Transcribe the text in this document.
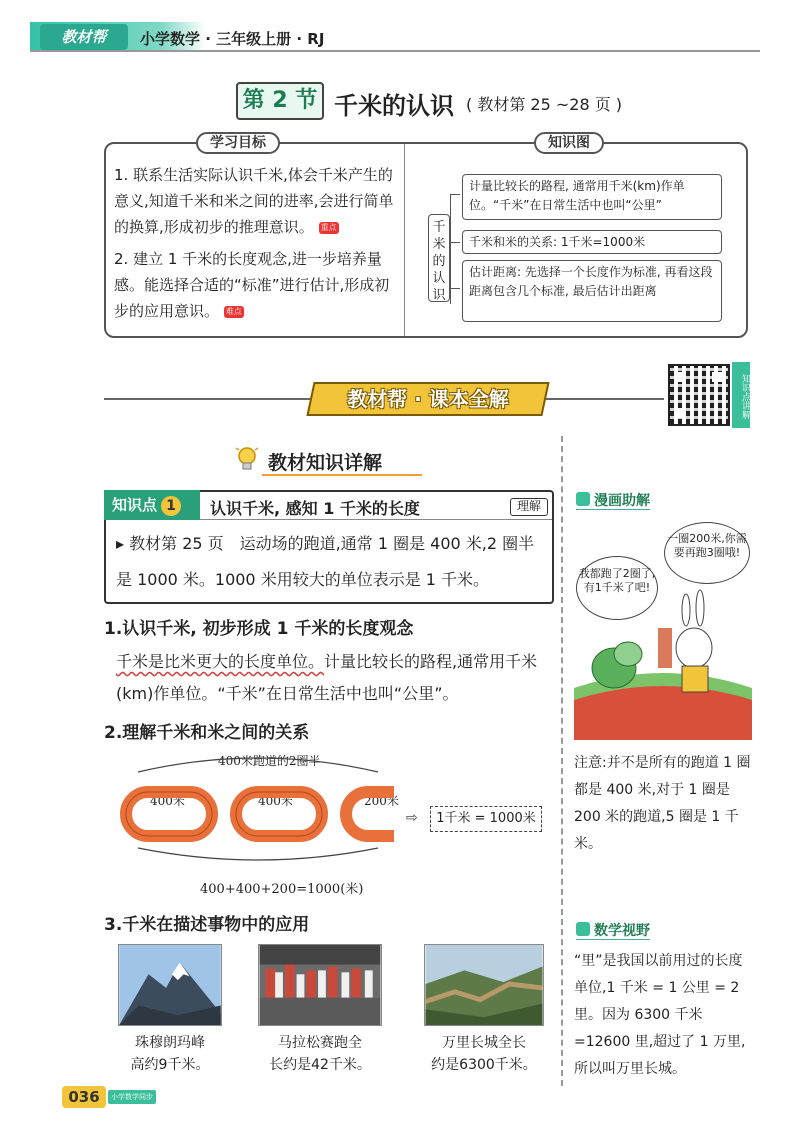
教材帮	小学数学 · 三年级上册 · RJ
第 2 节 千米的认识 ( 教材第 25 ~28 页 )
学习目标	知识图
1. 联系生活实际认识千米,体会千米产生的意义,知道千米和米之间的进率,会进行简单的换算,形成初步的推理意识。 重点
2. 建立 1 千米的长度观念,进一步培养量感。能选择合适的“标准”进行估计,形成初步的应用意识。 难点
千米的认识
计量比较长的路程, 通常用千米(km)作单位。“千米”在日常生活中也叫“公里”
千米和米的关系: 1千米=1000米
估计距离: 先选择一个长度作为标准, 再看这段距离包含几个标准, 最后估计出距离
教材帮 · 课本全解	知识点讲解
教材知识详解
知识点 1	认识千米, 感知 1 千米的长度	理解
▸ 教材第 25 页　运动场的跑道,通常 1 圈是 400 米,2 圈半是 1000 米。1000 米用较大的单位表示是 1 千米。
1.认识千米, 初步形成 1 千米的长度观念
千米是比米更大的长度单位。计量比较长的路程,通常用千米(km)作单位。“千米”在日常生活中也叫“公里”。
2.理解千米和米之间的关系
400米跑道的2圈半
400米	400米	200米
⇨	1千米 = 1000米
400+400+200=1000(米)
3.千米在描述事物中的应用
珠穆朗玛峰
高约9千米。
马拉松赛跑全
长约是42千米。
万里长城全长
约是6300千米。
漫画助解
一圈200米,你需要再跑3圈哦!
我都跑了2圈了,有1千米了吧!
注意:并不是所有的跑道 1 圈都是 400 米,对于 1 圈是 200 米的跑道,5 圈是 1 千米。
数学视野
“里”是我国以前用过的长度单位,1 千米 = 1 公里 = 2 里。因为 6300 千米=12600 里,超过了 1 万里,所以叫万里长城。
036	小学数学同步讲解
